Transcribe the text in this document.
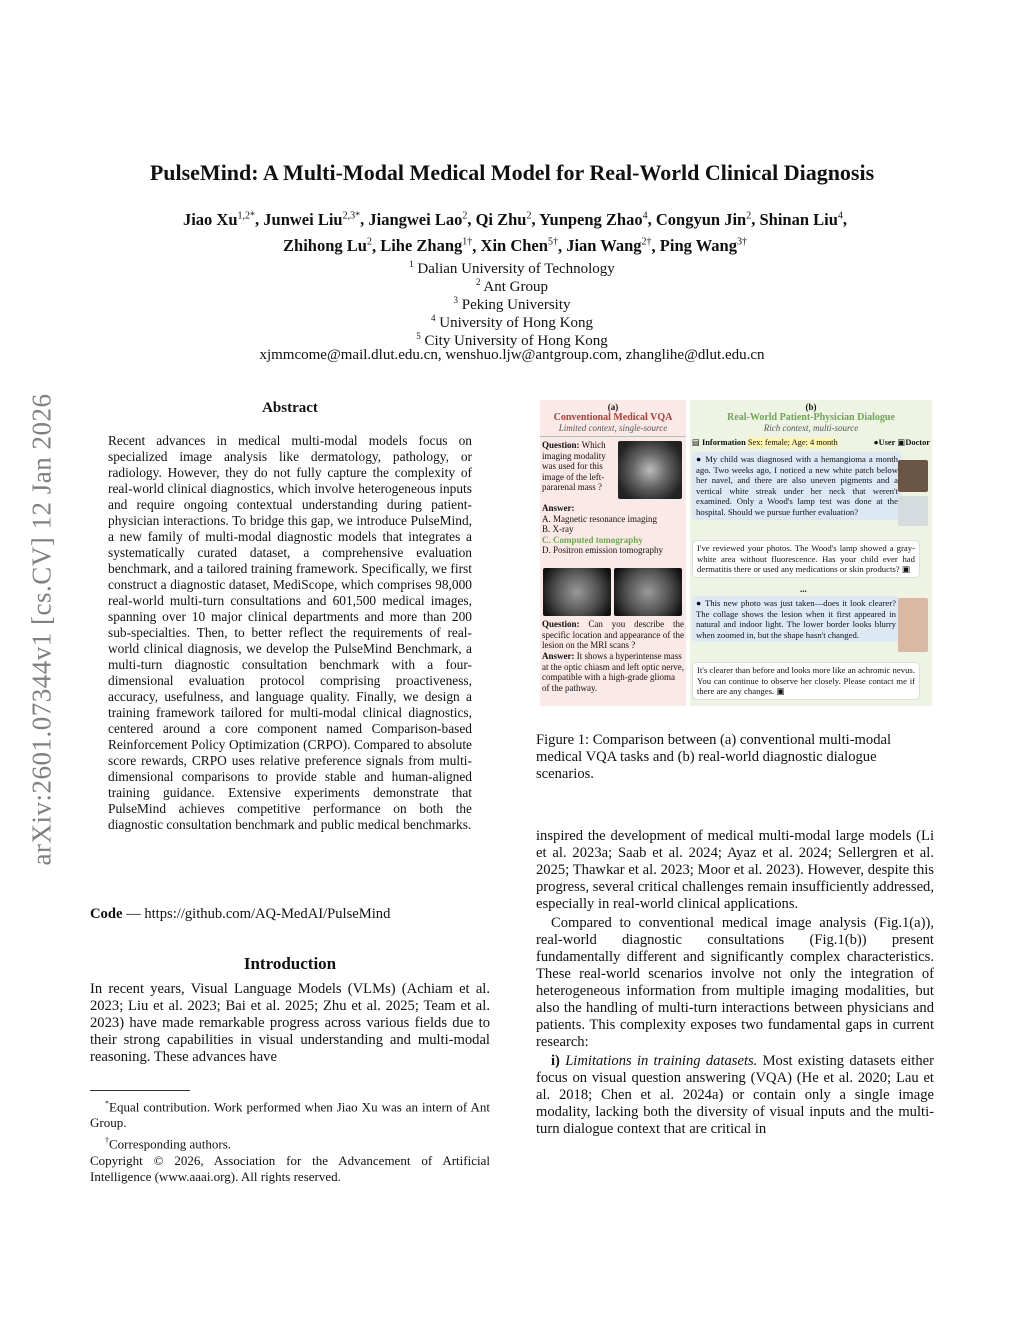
arXiv:2601.07344v1 [cs.CV] 12 Jan 2026
PulseMind: A Multi-Modal Medical Model for Real-World Clinical Diagnosis
Jiao $Xu^{1,2*}$, Junwei Liu$^{2,3*}$, Jiangwei Lao$^2$, Qi Zhu$^2$, Yunpeng Zhao$^4$, Congyun Jin$^2$, Shinan Liu$^4$,
Zhihong Lu$^2$, Lihe Zhang$^{1\dagger}$, Xin Chen$^{5\dagger}$, Jian Wang$^{2\dagger}$, Ping Wang$^{3\dagger}$
$^1$ Dalian University of Technology
$^2$ Ant Group
$^3$ Peking University
$^4$ University of Hong Kong
$^5$ City University of Hong Kong
xjmmcome@mail.dlut.edu.cn, wenshuo.ljw@antgroup.com, zhanglihe@dlut.edu.cn
Abstract

Recent advances in medical multi-modal models focus on specialized image analysis like dermatology, pathology, or radiology. However, they do not fully capture the complexity of real-world clinical diagnostics, which involve heterogeneous inputs and require ongoing contextual understanding during patient-physician interactions. To bridge this gap, we introduce PulseMind, a new family of multi-modal diagnostic models that integrates a systematically curated dataset, a comprehensive evaluation benchmark, and a tailored training framework. Specifically, we first construct a diagnostic dataset, MediScope, which comprises 98,000 real-world multi-turn consultations and 601,500 medical images, spanning over 10 major clinical departments and more than 200 sub-specialties. Then, to better reflect the requirements of real-world clinical diagnosis, we develop the PulseMind Benchmark, a multi-turn diagnostic consultation benchmark with a four-dimensional evaluation protocol comprising proactiveness, accuracy, usefulness, and language quality. Finally, we design a training framework tailored for multi-modal clinical diagnostics, centered around a core component named Comparison-based Reinforcement Policy Optimization (CRPO). Compared to absolute score rewards, CRPO uses relative preference signals from multi-dimensional comparisons to provide stable and human-aligned training guidance. Extensive experiments demonstrate that PulseMind achieves competitive performance on both the diagnostic consultation benchmark and public medical benchmarks.

Code — https://github.com/AQ-MedAI/PulseMind
Introduction

In recent years, Visual Language Models (VLMs) (Achiam et al. 2023; Liu et al. 2023; Bai et al. 2025; Zhu et al. 2025; Team et al. 2023) have made remarkable progress across various fields due to their strong capabilities in visual understanding and multi-modal reasoning. These advances have

*Equal contribution. Work performed when Jiao Xu was an intern of Ant Group.

†Corresponding authors.

Copyright © 2026, Association for the Advancement of Artificial Intelligence (www.aaai.org). All rights reserved.

(a)
Conventional Medical VQA
Limited context, single-source
Question: Which imaging modality was used for this image of the left-pararenal mass ?
Answer:
A. Magnetic resonance imaging
B. X-ray
C. Computed tomography
D. Positron emission tomography
Question: Can you describe the specific location and appearance of the lesion on the MRI scans ?
Answer: It shows a hyperintense mass at the optic chiasm and left optic nerve, compatible with a high-grade glioma of the pathway.
(b)
Real-World Patient-Physician Dialogue
Rich context, multi-source
▤ Information Sex: female; Age: 4 month	●User ▣Doctor
● My child was diagnosed with a hemangioma a month ago. Two weeks ago, I noticed a new white patch below her navel, and there are also uneven pigments and a vertical white streak under her neck that weren't examined. Only a Wood's lamp test was done at the hospital. Should we pursue further evaluation?
I've reviewed your photos. The Wood's lamp showed a gray-white area without fluorescence. Has your child ever had dermatitis there or used any medications or skin products? ▣
...
● This new photo was just taken—does it look clearer? The collage shows the lesion when it first appeared in natural and indoor light. The lower border looks blurry when zoomed in, but the shape hasn't changed.
It's clearer than before and looks more like an achromic nevus. You can continue to observe her closely. Please contact me if there are any changes. ▣
Figure 1: Comparison between (a) conventional multi-modal medical VQA tasks and (b) real-world diagnostic dialogue scenarios.

inspired the development of medical multi-modal large models (Li et al. 2023a; Saab et al. 2024; Ayaz et al. 2024; Sellergren et al. 2025; Thawkar et al. 2023; Moor et al. 2023). However, despite this progress, several critical challenges remain insufficiently addressed, especially in real-world clinical applications.

Compared to conventional medical image analysis (Fig.1(a)), real-world diagnostic consultations (Fig.1(b)) present fundamentally different and significantly complex characteristics. These real-world scenarios involve not only the integration of heterogeneous information from multiple imaging modalities, but also the handling of multi-turn interactions between physicians and patients. This complexity exposes two fundamental gaps in current research:

i) Limitations in training datasets. Most existing datasets either focus on visual question answering (VQA) (He et al. 2020; Lau et al. 2018; Chen et al. 2024a) or contain only a single image modality, lacking both the diversity of visual inputs and the multi-turn dialogue context that are critical in
